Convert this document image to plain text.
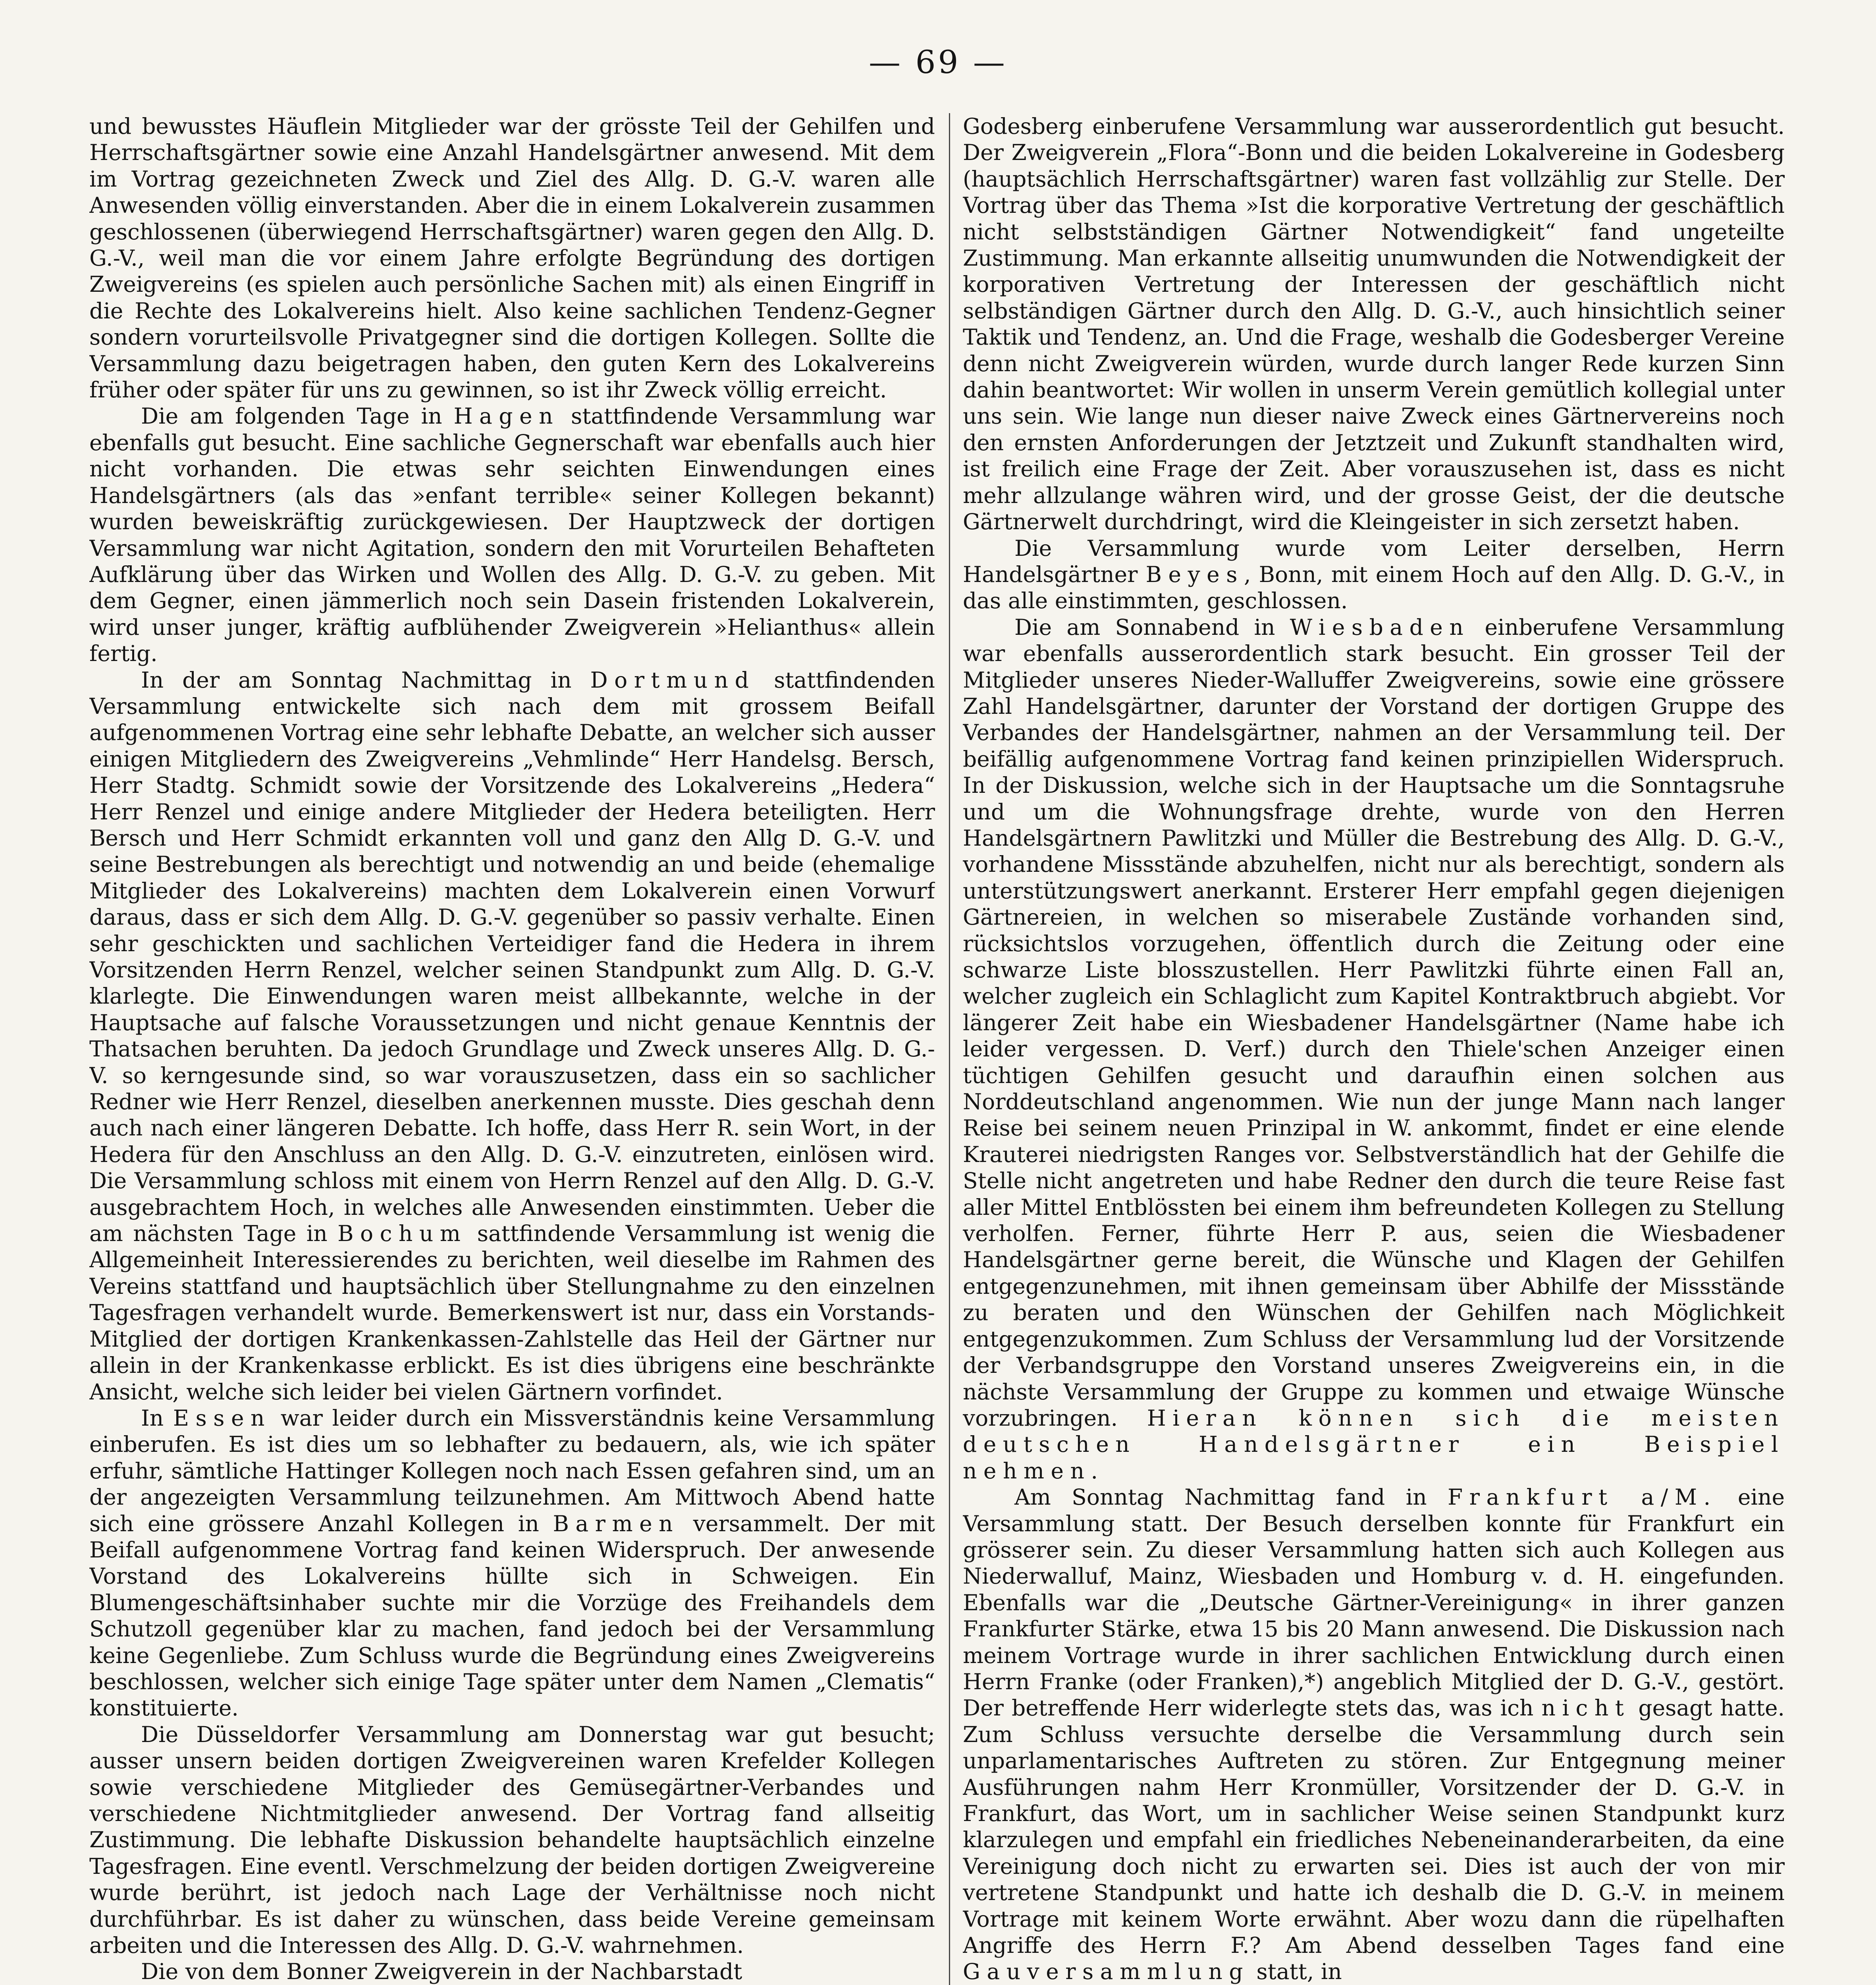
— 69 —

und bewusstes Häuflein Mitglieder war der grösste Teil der Gehilfen und Herrschaftsgärtner sowie eine Anzahl Handelsgärtner anwesend. Mit dem im Vortrag gezeichneten Zweck und Ziel des Allg. D. G.-V. waren alle Anwesenden völlig einverstanden. Aber die in einem Lokalverein zusammen geschlossenen (überwiegend Herrschaftsgärtner) waren gegen den Allg. D. G.-V., weil man die vor einem Jahre erfolgte Begründung des dortigen Zweigvereins (es spielen auch persönliche Sachen mit) als einen Eingriff in die Rechte des Lokalvereins hielt. Also keine sachlichen Tendenz-Gegner sondern vorurteilsvolle Privatgegner sind die dortigen Kollegen. Sollte die Versammlung dazu beigetragen haben, den guten Kern des Lokalvereins früher oder später für uns zu gewinnen, so ist ihr Zweck völlig erreicht.

Die am folgenden Tage in Hagen stattfindende Versammlung war ebenfalls gut besucht. Eine sachliche Gegnerschaft war ebenfalls auch hier nicht vorhanden. Die etwas sehr seichten Einwendungen eines Handelsgärtners (als das »enfant terrible« seiner Kollegen bekannt) wurden beweiskräftig zurückgewiesen. Der Hauptzweck der dortigen Versammlung war nicht Agitation, sondern den mit Vorurteilen Behafteten Aufklärung über das Wirken und Wollen des Allg. D. G.-V. zu geben. Mit dem Gegner, einen jämmerlich noch sein Dasein fristenden Lokalverein, wird unser junger, kräftig aufblühender Zweigverein »Helianthus« allein fertig.

In der am Sonntag Nachmittag in Dortmund stattfindenden Versammlung entwickelte sich nach dem mit grossem Beifall aufgenommenen Vortrag eine sehr lebhafte Debatte, an welcher sich ausser einigen Mitgliedern des Zweigvereins „Vehmlinde“ Herr Handelsg. Bersch, Herr Stadtg. Schmidt sowie der Vorsitzende des Lokalvereins „Hedera“ Herr Renzel und einige andere Mitglieder der Hedera beteiligten. Herr Bersch und Herr Schmidt erkannten voll und ganz den Allg D. G.-V. und seine Bestrebungen als berechtigt und notwendig an und beide (ehemalige Mitglieder des Lokalvereins) machten dem Lokalverein einen Vorwurf daraus, dass er sich dem Allg. D. G.-V. gegenüber so passiv verhalte. Einen sehr geschickten und sachlichen Verteidiger fand die Hedera in ihrem Vorsitzenden Herrn Renzel, welcher seinen Standpunkt zum Allg. D. G.-V. klarlegte. Die Einwendungen waren meist allbekannte, welche in der Hauptsache auf falsche Voraussetzungen und nicht genaue Kenntnis der Thatsachen beruhten. Da jedoch Grundlage und Zweck unseres Allg. D. G.-V. so kerngesunde sind, so war vorauszusetzen, dass ein so sachlicher Redner wie Herr Renzel, dieselben anerkennen musste. Dies geschah denn auch nach einer längeren Debatte. Ich hoffe, dass Herr R. sein Wort, in der Hedera für den Anschluss an den Allg. D. G.-V. einzutreten, einlösen wird. Die Versammlung schloss mit einem von Herrn Renzel auf den Allg. D. G.-V. ausgebrachtem Hoch, in welches alle Anwesenden einstimmten. Ueber die am nächsten Tage in Bochum sattfindende Versammlung ist wenig die Allgemeinheit Interessierendes zu berichten, weil dieselbe im Rahmen des Vereins stattfand und hauptsächlich über Stellungnahme zu den einzelnen Tagesfragen verhandelt wurde. Bemerkenswert ist nur, dass ein Vorstands-Mitglied der dortigen Krankenkassen-Zahlstelle das Heil der Gärtner nur allein in der Krankenkasse erblickt. Es ist dies übrigens eine beschränkte Ansicht, welche sich leider bei vielen Gärtnern vorfindet.

In Essen war leider durch ein Missverständnis keine Versammlung einberufen. Es ist dies um so lebhafter zu bedauern, als, wie ich später erfuhr, sämtliche Hattinger Kollegen noch nach Essen gefahren sind, um an der angezeigten Versammlung teilzunehmen. Am Mittwoch Abend hatte sich eine grössere Anzahl Kollegen in Barmen versammelt. Der mit Beifall aufgenommene Vortrag fand keinen Widerspruch. Der anwesende Vorstand des Lokalvereins hüllte sich in Schweigen. Ein Blumengeschäftsinhaber suchte mir die Vorzüge des Freihandels dem Schutzoll gegenüber klar zu machen, fand jedoch bei der Versammlung keine Gegenliebe. Zum Schluss wurde die Begründung eines Zweigvereins beschlossen, welcher sich einige Tage später unter dem Namen „Clematis“ konstituierte.

Die Düsseldorfer Versammlung am Donnerstag war gut besucht; ausser unsern beiden dortigen Zweigvereinen waren Krefelder Kollegen sowie verschiedene Mitglieder des Gemüsegärtner-Verbandes und verschiedene Nichtmitglieder anwesend. Der Vortrag fand allseitig Zustimmung. Die lebhafte Diskussion behandelte hauptsächlich einzelne Tagesfragen. Eine eventl. Verschmelzung der beiden dortigen Zweigvereine wurde berührt, ist jedoch nach Lage der Verhältnisse noch nicht durchführbar. Es ist daher zu wünschen, dass beide Vereine gemeinsam arbeiten und die Interessen des Allg. D. G.-V. wahrnehmen.

Die von dem Bonner Zweigverein in der Nachbarstadt

Godesberg einberufene Versammlung war ausserordentlich gut besucht. Der Zweigverein „Flora“-Bonn und die beiden Lokalvereine in Godesberg (hauptsächlich Herrschaftsgärtner) waren fast vollzählig zur Stelle. Der Vortrag über das Thema »Ist die korporative Vertretung der geschäftlich nicht selbstständigen Gärtner Notwendigkeit“ fand ungeteilte Zustimmung. Man erkannte allseitig unumwunden die Notwendigkeit der korporativen Vertretung der Interessen der geschäftlich nicht selbständigen Gärtner durch den Allg. D. G.-V., auch hinsichtlich seiner Taktik und Tendenz, an. Und die Frage, weshalb die Godesberger Vereine denn nicht Zweigverein würden, wurde durch langer Rede kurzen Sinn dahin beantwortet: Wir wollen in unserm Verein gemütlich kollegial unter uns sein. Wie lange nun dieser naive Zweck eines Gärtnervereins noch den ernsten Anforderungen der Jetztzeit und Zukunft standhalten wird, ist freilich eine Frage der Zeit. Aber vorauszusehen ist, dass es nicht mehr allzulange währen wird, und der grosse Geist, der die deutsche Gärtnerwelt durchdringt, wird die Kleingeister in sich zersetzt haben.

Die Versammlung wurde vom Leiter derselben, Herrn Handelsgärtner Beyes, Bonn, mit einem Hoch auf den Allg. D. G.-V., in das alle einstimmten, geschlossen.

Die am Sonnabend in Wiesbaden einberufene Versammlung war ebenfalls ausserordentlich stark besucht. Ein grosser Teil der Mitglieder unseres Nieder-Walluffer Zweigvereins, sowie eine grössere Zahl Handelsgärtner, darunter der Vorstand der dortigen Gruppe des Verbandes der Handelsgärtner, nahmen an der Versammlung teil. Der beifällig aufgenommene Vortrag fand keinen prinzipiellen Widerspruch. In der Diskussion, welche sich in der Hauptsache um die Sonntagsruhe und um die Wohnungsfrage drehte, wurde von den Herren Handelsgärtnern Pawlitzki und Müller die Bestrebung des Allg. D. G.-V., vorhandene Missstände abzuhelfen, nicht nur als berechtigt, sondern als unterstützungswert anerkannt. Ersterer Herr empfahl gegen diejenigen Gärtnereien, in welchen so miserabele Zustände vorhanden sind, rücksichtslos vorzugehen, öffentlich durch die Zeitung oder eine schwarze Liste blosszustellen. Herr Pawlitzki führte einen Fall an, welcher zugleich ein Schlaglicht zum Kapitel Kontraktbruch abgiebt. Vor längerer Zeit habe ein Wiesbadener Handelsgärtner (Name habe ich leider vergessen. D. Verf.) durch den Thiele'schen Anzeiger einen tüchtigen Gehilfen gesucht und daraufhin einen solchen aus Norddeutschland angenommen. Wie nun der junge Mann nach langer Reise bei seinem neuen Prinzipal in W. ankommt, findet er eine elende Krauterei niedrigsten Ranges vor. Selbstverständlich hat der Gehilfe die Stelle nicht angetreten und habe Redner den durch die teure Reise fast aller Mittel Entblössten bei einem ihm befreundeten Kollegen zu Stellung verholfen. Ferner, führte Herr P. aus, seien die Wiesbadener Handelsgärtner gerne bereit, die Wünsche und Klagen der Gehilfen entgegenzunehmen, mit ihnen gemeinsam über Abhilfe der Missstände zu beraten und den Wünschen der Gehilfen nach Möglichkeit entgegenzukommen. Zum Schluss der Versammlung lud der Vorsitzende der Verbandsgruppe den Vorstand unseres Zweigvereins ein, in die nächste Versammlung der Gruppe zu kommen und etwaige Wünsche vorzubringen. Hieran können sich die meisten deutschen Handelsgärtner ein Beispiel nehmen.

Am Sonntag Nachmittag fand in Frankfurt a/M. eine Versammlung statt. Der Besuch derselben konnte für Frankfurt ein grösserer sein. Zu dieser Versammlung hatten sich auch Kollegen aus Niederwalluf, Mainz, Wiesbaden und Homburg v. d. H. eingefunden. Ebenfalls war die „Deutsche Gärtner-Vereinigung« in ihrer ganzen Frankfurter Stärke, etwa 15 bis 20 Mann anwesend. Die Diskussion nach meinem Vortrage wurde in ihrer sachlichen Entwicklung durch einen Herrn Franke (oder Franken),*) angeblich Mitglied der D. G.-V., gestört. Der betreffende Herr widerlegte stets das, was ich nicht gesagt hatte. Zum Schluss versuchte derselbe die Versammlung durch sein unparlamentarisches Auftreten zu stören. Zur Entgegnung meiner Ausführungen nahm Herr Kronmüller, Vorsitzender der D. G.-V. in Frankfurt, das Wort, um in sachlicher Weise seinen Standpunkt kurz klarzulegen und empfahl ein friedliches Nebeneinanderarbeiten, da eine Vereinigung doch nicht zu erwarten sei. Dies ist auch der von mir vertretene Standpunkt und hatte ich deshalb die D. G.-V. in meinem Vortrage mit keinem Worte erwähnt. Aber wozu dann die rüpelhaften Angriffe des Herrn F.? Am Abend desselben Tages fand eine Gauversammlung statt, in
